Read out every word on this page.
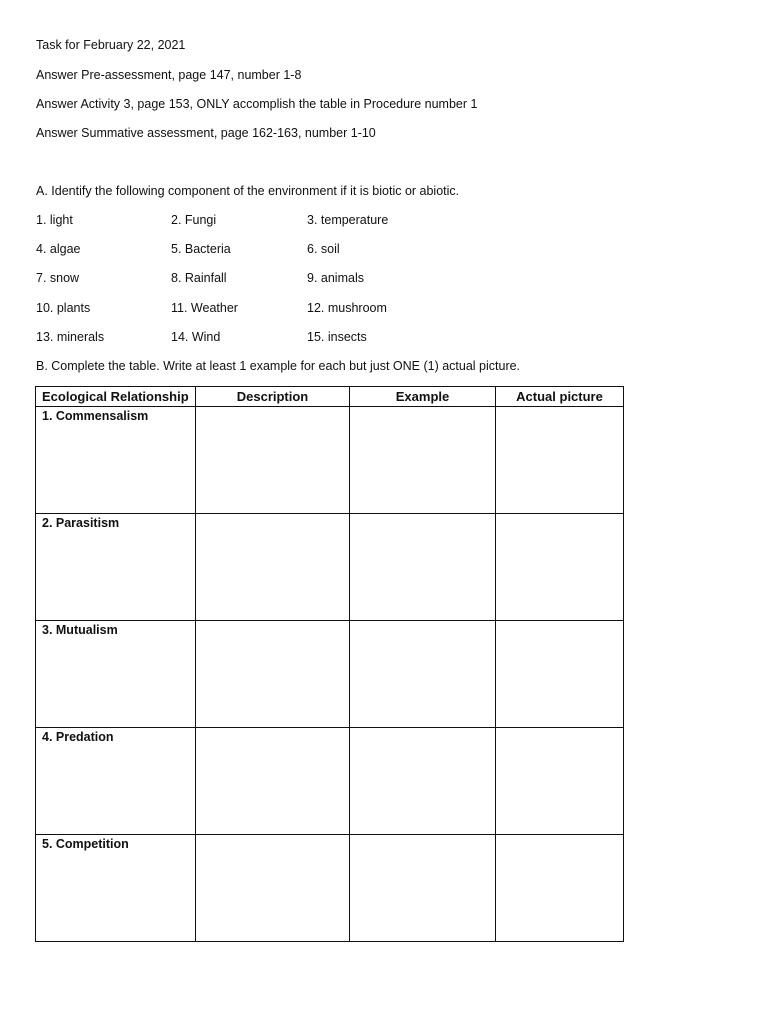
Task for February 22, 2021
Answer Pre-assessment, page 147, number 1-8
Answer Activity 3, page 153, ONLY accomplish the table in Procedure number 1
Answer Summative assessment, page 162-163, number 1-10
A. Identify the following component of the environment if it is biotic or abiotic.
1. light	2. Fungi	3. temperature
4. algae	5. Bacteria	6. soil
7. snow	8. Rainfall	9. animals
10. plants	11. Weather	12. mushroom
13. minerals	14. Wind	15. insects
B. Complete the table. Write at least 1 example for each but just ONE (1) actual picture.
Ecological Relationship	Description	Example	Actual picture
1. Commensalism			
2. Parasitism			
3. Mutualism			
4. Predation			
5. Competition			
